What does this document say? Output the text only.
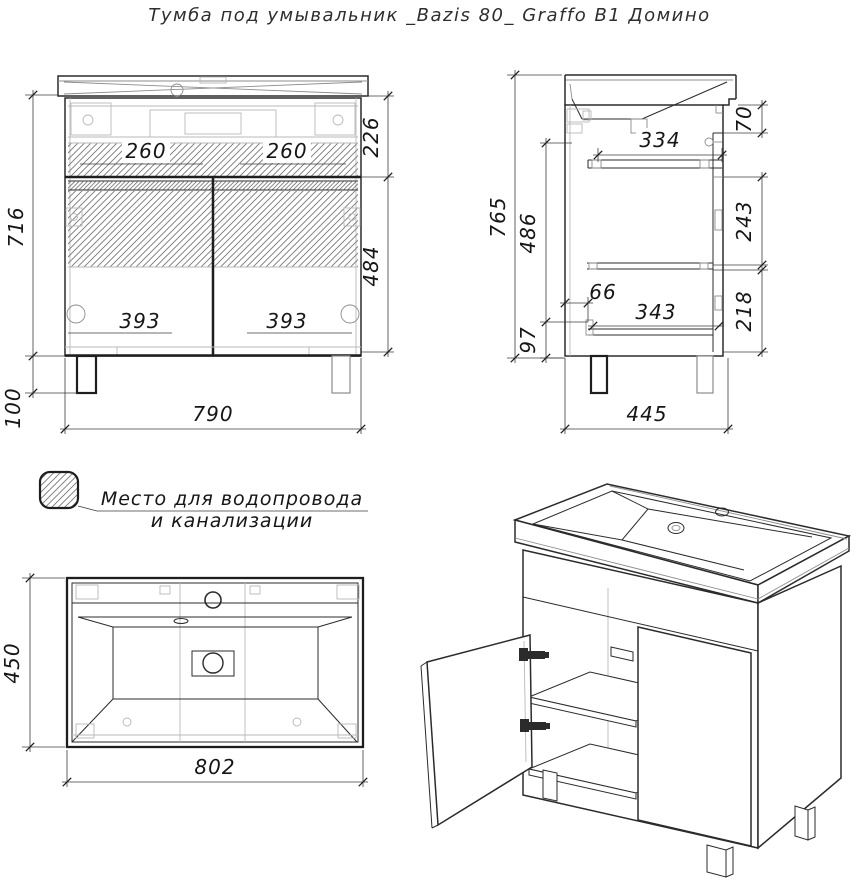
Тумба под умывальник _Bazis 80_ Graffo B1 Домино
260	260
393	393
716
100
226
484
790
334
66
343
765 486
97
70
243
218
445
Место для водопровода
и канализации
450
802
